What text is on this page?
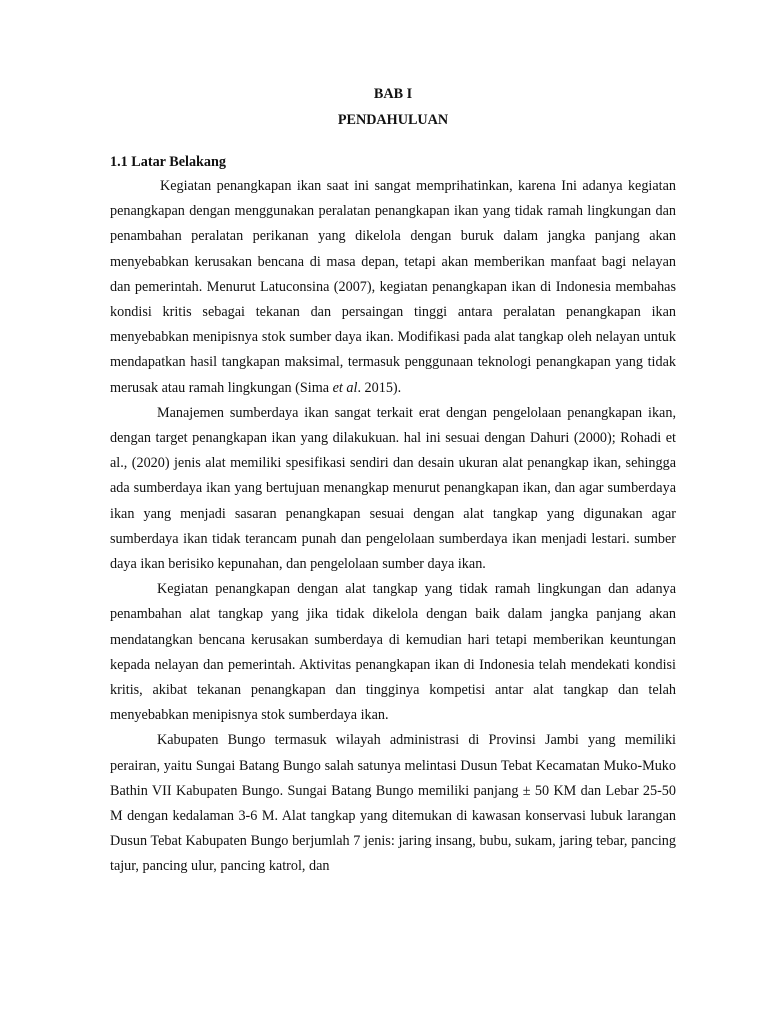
BAB I

PENDAHULUAN

1.1 Latar Belakang

Kegiatan penangkapan ikan saat ini sangat memprihatinkan, karena Ini adanya kegiatan penangkapan dengan menggunakan peralatan penangkapan ikan yang tidak ramah lingkungan dan penambahan peralatan perikanan yang dikelola dengan buruk dalam jangka panjang akan menyebabkan kerusakan bencana di masa depan, tetapi akan memberikan manfaat bagi nelayan dan pemerintah. Menurut Latuconsina (2007), kegiatan penangkapan ikan di Indonesia membahas kondisi kritis sebagai tekanan dan persaingan tinggi antara peralatan penangkapan ikan menyebabkan menipisnya stok sumber daya ikan. Modifikasi pada alat tangkap oleh nelayan untuk mendapatkan hasil tangkapan maksimal, termasuk penggunaan teknologi penangkapan yang tidak merusak atau ramah lingkungan (Sima et al. 2015).

Manajemen sumberdaya ikan sangat terkait erat dengan pengelolaan penangkapan ikan, dengan target penangkapan ikan yang dilakukuan. hal ini sesuai dengan Dahuri (2000); Rohadi et al., (2020) jenis alat memiliki spesifikasi sendiri dan desain ukuran alat penangkap ikan, sehingga ada sumberdaya ikan yang bertujuan menangkap menurut penangkapan ikan, dan agar sumberdaya ikan yang menjadi sasaran penangkapan sesuai dengan alat tangkap yang digunakan agar sumberdaya ikan tidak terancam punah dan pengelolaan sumberdaya ikan menjadi lestari. sumber daya ikan berisiko kepunahan, dan pengelolaan sumber daya ikan.

Kegiatan penangkapan dengan alat tangkap yang tidak ramah lingkungan dan adanya penambahan alat tangkap yang jika tidak dikelola dengan baik dalam jangka panjang akan mendatangkan bencana kerusakan sumberdaya di kemudian hari tetapi memberikan keuntungan kepada nelayan dan pemerintah. Aktivitas penangkapan ikan di Indonesia telah mendekati kondisi kritis, akibat tekanan penangkapan dan tingginya kompetisi antar alat tangkap dan telah menyebabkan menipisnya stok sumberdaya ikan.

Kabupaten Bungo termasuk wilayah administrasi di Provinsi Jambi yang memiliki perairan, yaitu Sungai Batang Bungo salah satunya melintasi Dusun Tebat Kecamatan Muko-Muko Bathin VII Kabupaten Bungo. Sungai Batang Bungo memiliki panjang ± 50 KM dan Lebar 25-50 M dengan kedalaman 3-6 M. Alat tangkap yang ditemukan di kawasan konservasi lubuk larangan Dusun Tebat Kabupaten Bungo berjumlah 7 jenis: jaring insang, bubu, sukam, jaring tebar, pancing tajur, pancing ulur, pancing katrol, dan
